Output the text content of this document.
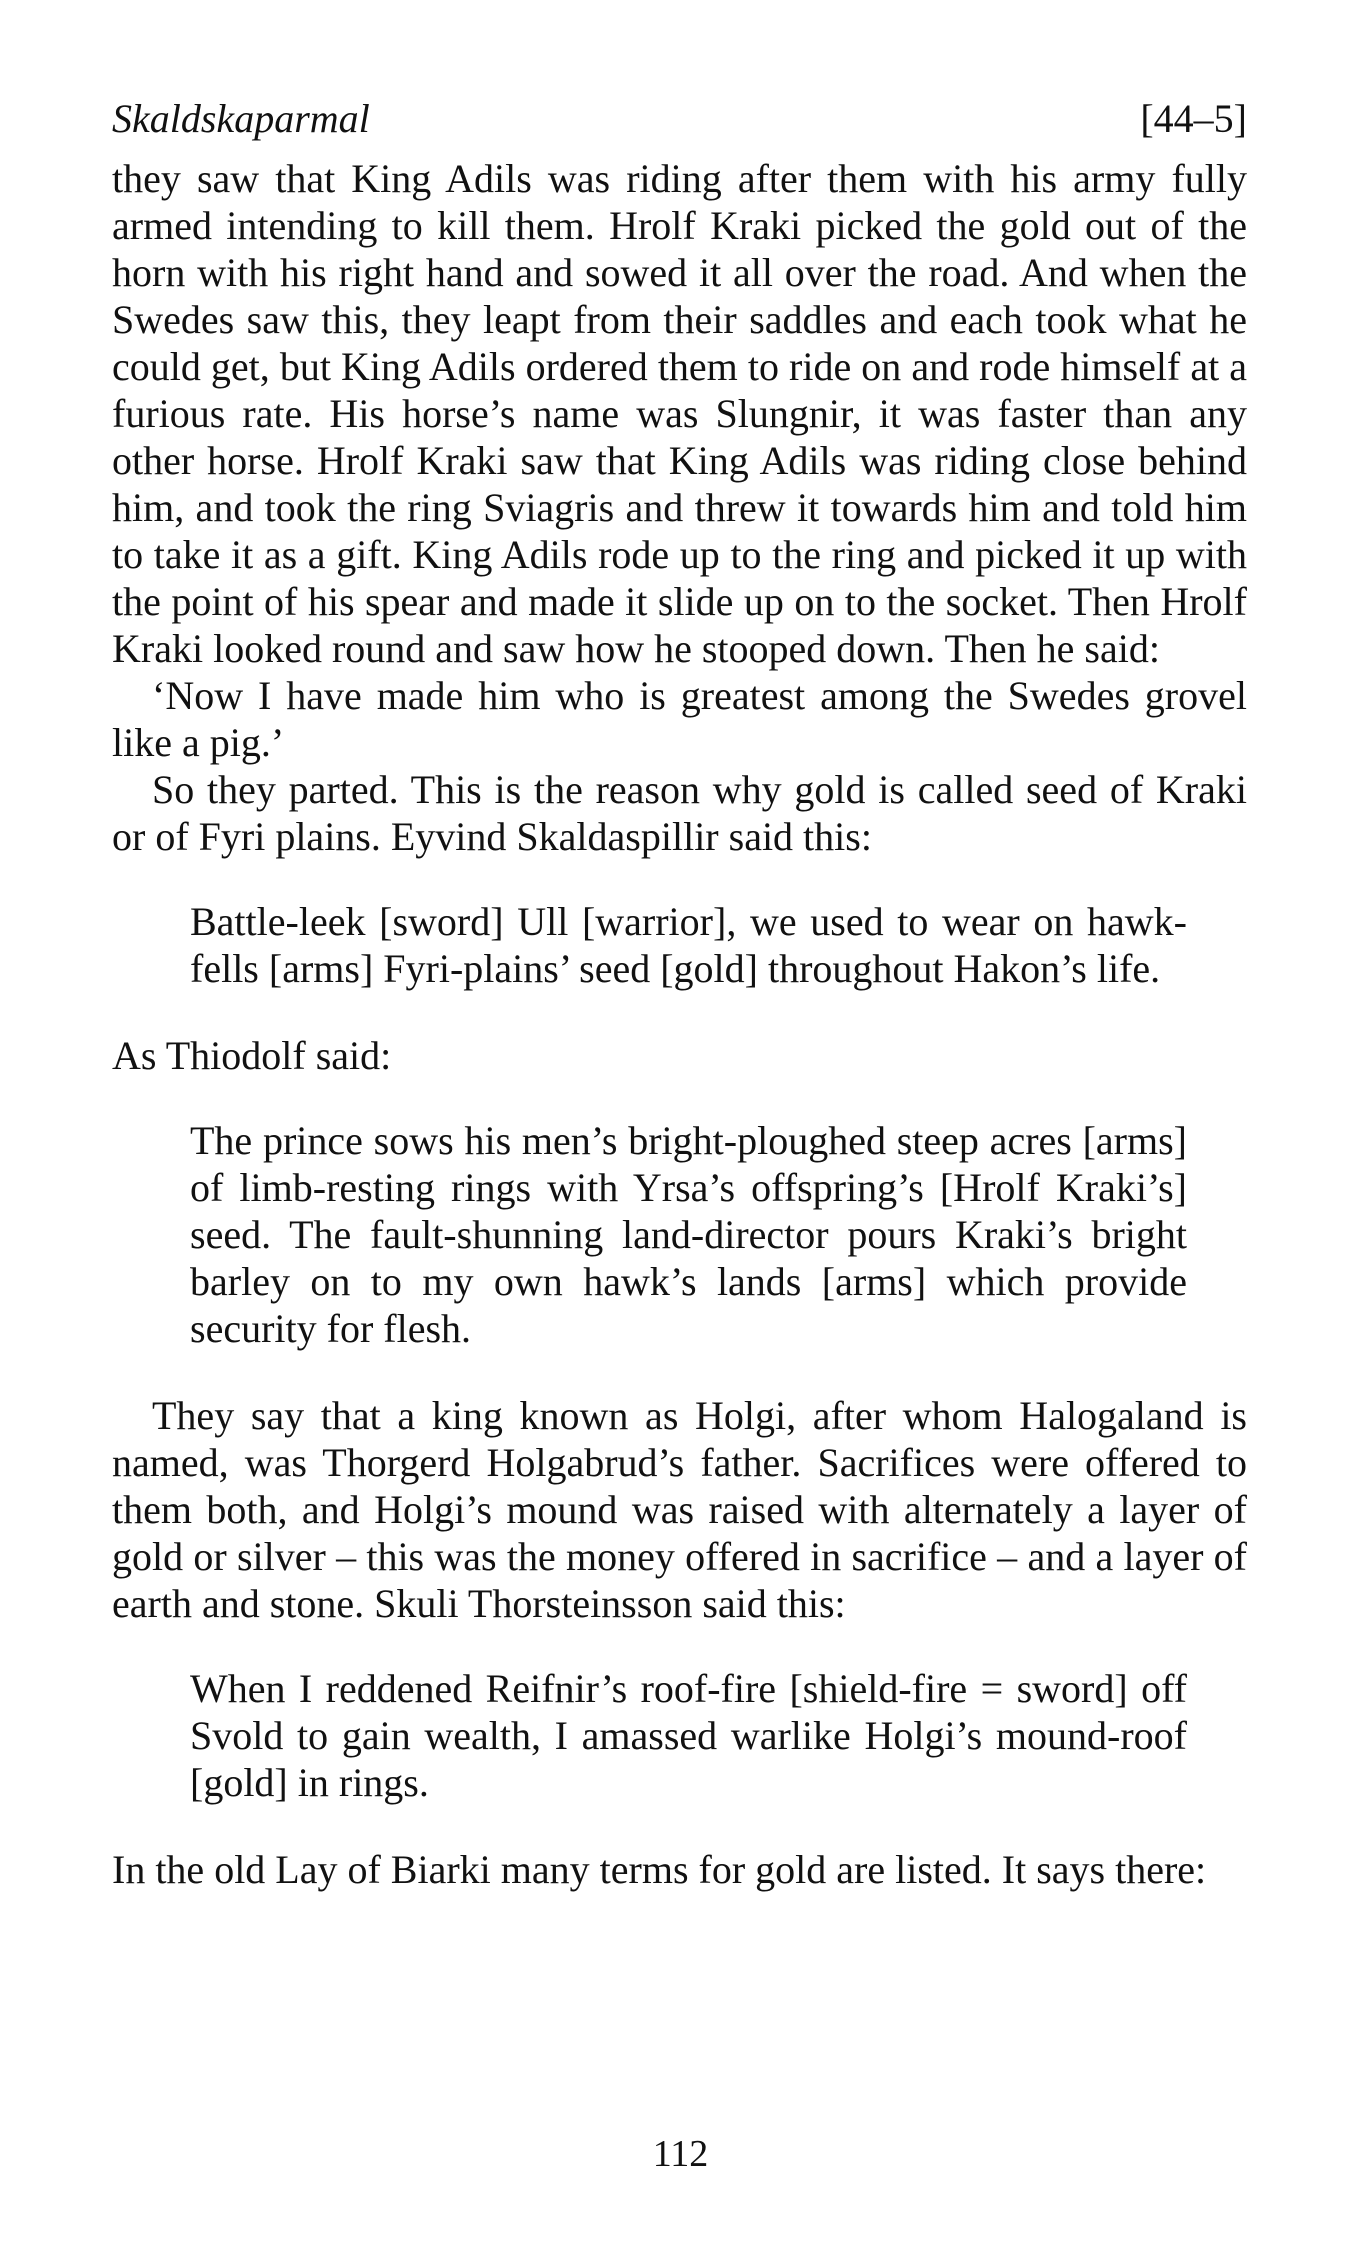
Skaldskaparmal	[44–5]

they saw that King Adils was riding after them with his army fully armed intending to kill them. Hrolf Kraki picked the gold out of the horn with his right hand and sowed it all over the road. And when the Swedes saw this, they leapt from their saddles and each took what he could get, but King Adils ordered them to ride on and rode himself at a furious rate. His horse’s name was Slungnir, it was faster than any other horse. Hrolf Kraki saw that King Adils was riding close behind him, and took the ring Sviagris and threw it towards him and told him to take it as a gift. King Adils rode up to the ring and picked it up with the point of his spear and made it slide up on to the socket. Then Hrolf Kraki looked round and saw how he stooped down. Then he said:

‘Now I have made him who is greatest among the Swedes grovel like a pig.’

So they parted. This is the reason why gold is called seed of Kraki or of Fyri plains. Eyvind Skaldaspillir said this:

Battle-leek [sword] Ull [warrior], we used to wear on hawk-fells [arms] Fyri-plains’ seed [gold] throughout Hakon’s life.

As Thiodolf said:

The prince sows his men’s bright-ploughed steep acres [arms] of limb-resting rings with Yrsa’s offspring’s [Hrolf Kraki’s] seed. The fault-shunning land-director pours Kraki’s bright barley on to my own hawk’s lands [arms] which provide security for flesh.

They say that a king known as Holgi, after whom Halogaland is named, was Thorgerd Holgabrud’s father. Sacrifices were offered to them both, and Holgi’s mound was raised with alternately a layer of gold or silver – this was the money offered in sacrifice – and a layer of earth and stone. Skuli Thorsteinsson said this:

When I reddened Reifnir’s roof-fire [shield-fire = sword] off Svold to gain wealth, I amassed warlike Holgi’s mound-roof [gold] in rings.

In the old Lay of Biarki many terms for gold are listed. It says there:

112
